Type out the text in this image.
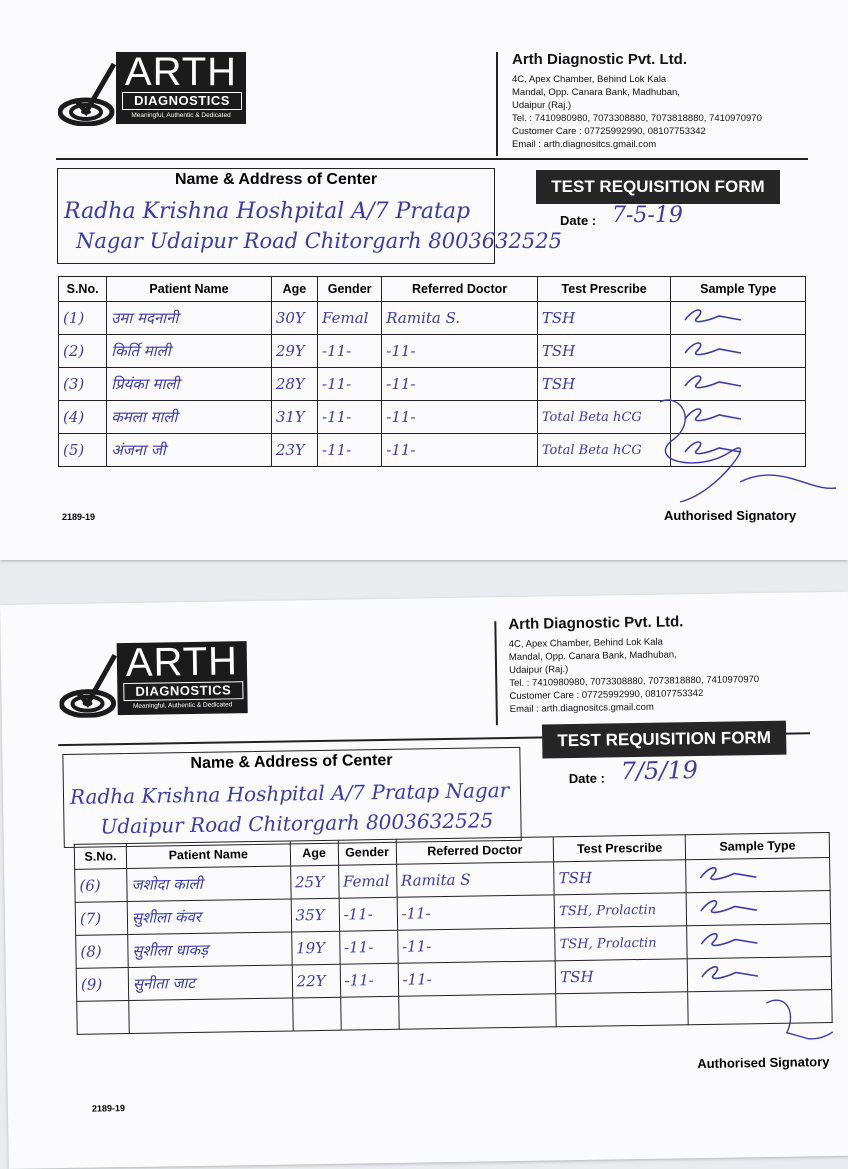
ARTH
DIAGNOSTICS
Meaningful, Authentic & Dedicated
Arth Diagnostic Pvt. Ltd.
4C, Apex Chamber, Behind Lok Kala
Mandal, Opp. Canara Bank, Madhuban,
Udaipur (Raj.)
Tel. : 7410980980, 7073308880, 7073818880, 7410970970
Customer Care : 07725992990, 08107753342
Email : arth.diagnositcs.gmail.com
Name & Address of Center
Radha Krishna Hoshpital A/7 Pratap
Nagar Udaipur Road Chitorgarh 8003632525
TEST REQUISITION FORM
Date : 7-5-19
S.No.	Patient Name	Age	Gender	Referred Doctor	Test Prescribe	Sample Type
(1)	उमा मदनानी	30Y	Femal	Ramita S.	TSH	
(2)	किर्ति माली	29Y	-11-	-11-	TSH	
(3)	प्रियंका माली	28Y	-11-	-11-	TSH	
(4)	कमला माली	31Y	-11-	-11-	Total Beta hCG	
(5)	अंजना जी	23Y	-11-	-11-	Total Beta hCG	
2189-19	Authorised Signatory
ARTH
DIAGNOSTICS
Meaningful, Authentic & Dedicated
Arth Diagnostic Pvt. Ltd.
4C, Apex Chamber, Behind Lok Kala
Mandal, Opp. Canara Bank, Madhuban,
Udaipur (Raj.)
Tel. : 7410980980, 7073308880, 7073818880, 7410970970
Customer Care : 07725992990, 08107753342
Email : arth.diagnositcs.gmail.com
Name & Address of Center
Radha Krishna Hoshpital A/7 Pratap Nagar
Udaipur Road Chitorgarh 8003632525
TEST REQUISITION FORM
Date : 7/5/19
S.No.	Patient Name	Age	Gender	Referred Doctor	Test Prescribe	Sample Type
(6)	जशोदा काली	25Y	Femal	Ramita S	TSH	
(7)	सुशीला कंवर	35Y	-11-	-11-	TSH, Prolactin	
(8)	सुशीला धाकड़	19Y	-11-	-11-	TSH, Prolactin	
(9)	सुनीता जाट	22Y	-11-	-11-	TSH	

2189-19
Authorised Signatory
